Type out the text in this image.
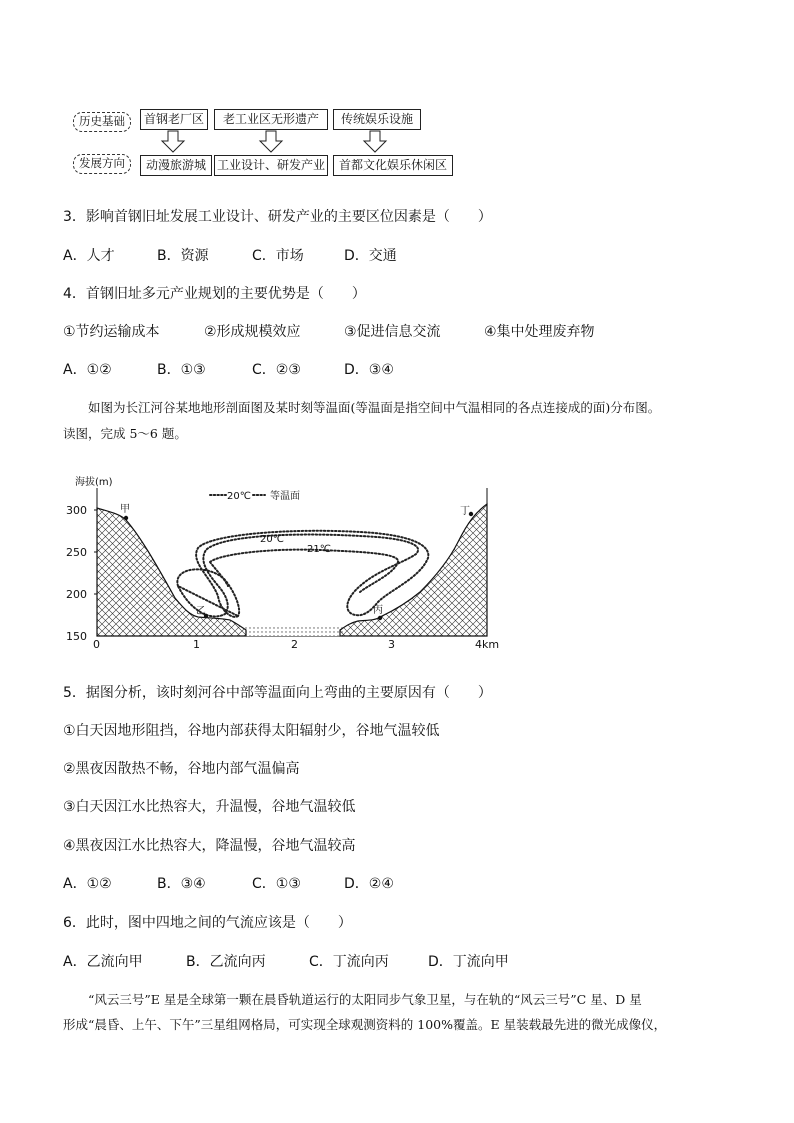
历史基础
发展方向
首钢老厂区	老工业区无形遗产	传统娱乐设施
动漫旅游城 工业设计、研发产业	首都文化娱乐休闲区
3．影响首钢旧址发展工业设计、研发产业的主要区位因素是（　　）
A．人才	B．资源	C．市场	D．交通
4．首钢旧址多元产业规划的主要优势是（　　）
①节约运输成本	②形成规模效应	③促进信息交流	④集中处理废弃物
A．①②	B．①③	C．②③	D．③④
如图为长江河谷某地地形剖面图及某时刻等温面(等温面是指空间中气温相同的各点连接成的面)分布图。
读图，完成 5～6 题。
海拔(m)
300
250
200
150
0	1	2	3	4km
20℃
21℃
20℃ 等温面
甲
乙	丙
丁
5．据图分析，该时刻河谷中部等温面向上弯曲的主要原因有（　　）
①白天因地形阻挡，谷地内部获得太阳辐射少，谷地气温较低
②黑夜因散热不畅，谷地内部气温偏高
③白天因江水比热容大，升温慢，谷地气温较低
④黑夜因江水比热容大，降温慢，谷地气温较高
A．①②	B．③④	C．①③	D．②④
6．此时，图中四地之间的气流应该是（　　）
A．乙流向甲	B．乙流向丙	C．丁流向丙	D．丁流向甲
“风云三号”E 星是全球第一颗在晨昏轨道运行的太阳同步气象卫星，与在轨的“风云三号”C 星、D 星
形成“晨昏、上午、下午”三星组网格局，可实现全球观测资料的 100%覆盖。E 星装载最先进的微光成像仪，
